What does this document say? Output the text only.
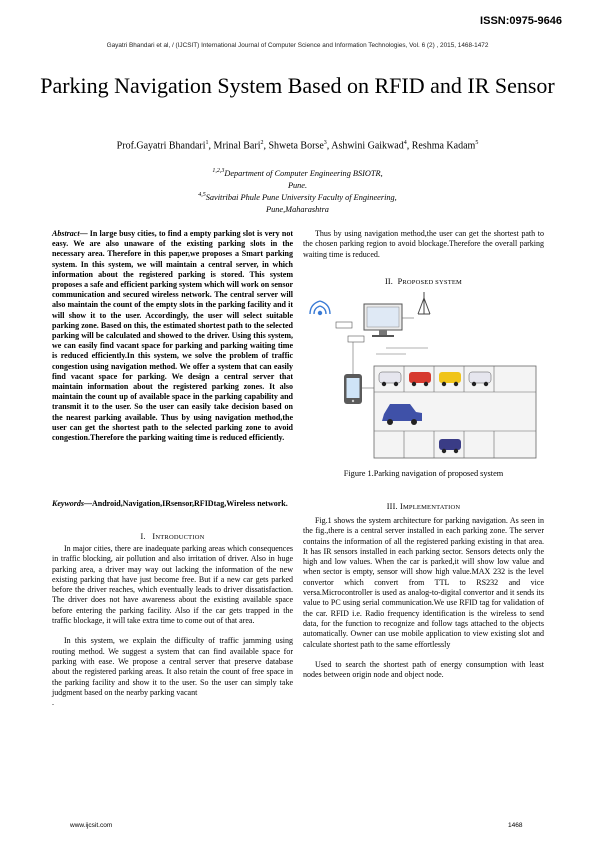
ISSN:0975-9646
Gayatri Bhandari et al, / (IJCSIT) International Journal of Computer Science and Information Technologies, Vol. 6 (2) , 2015, 1468-1472
Parking Navigation System Based on RFID and IR Sensor
Prof.Gayatri Bhandari$^1$, Mrinal Bari$^2$, Shweta Borse$^3$, Ashwini Gaikwad$^4$, Reshma Kadam$^5$
$^{1,2,3}$Department of Computer Engineering BSIOTR,
Pune.
$^{4,5}$Savitribai Phule Pune University Faculty of Engineering,
Pune,Maharashtra

Abstract— In large busy cities, to find a empty parking slot is very not easy. We are also unaware of the existing parking slots in the necessary area. Therefore in this paper,we proposes a Smart parking system. In this system, we will maintain a central server, in which information about the registered parking is stored. This system proposes a safe and efficient parking system which will work on sensor communication and secured wireless network. The central server will also maintain the count of the empty slots in the parking facility and it will show it to the user. Accordingly, the user will select suitable parking zone. Based on this, the estimated shortest path to the selected parking will be calculated and showed to the driver. Using this system, we can easily find vacant space for parking and parking waiting time is reduced efficiently.In this system, we solve the problem of traffic congestion using navigation method. We offer a system that can easily find vacant space for parking. We design a central server that maintain information about the registered parking zones. It also maintain the count up of available space in the parking capability and transmit it to the user. So the user can easily take decision based on the nearest parking available. Thus by using navigation method,the user can get the shortest path to the selected parking zone to avoid congestion.Therefore the parking waiting time is reduced efficiently.

Keywords—Android,Navigation,IRsensor,RFIDtag,Wireless network.

I. INTRODUCTION

In major cities, there are inadequate parking areas which consequences in traffic blocking, air pollution and also irritation of driver. Also in huge parking area, a driver may way out lacking the information of the new existing parking that have just become free. But if a new car gets parked before the driver reaches, which eventually leads to driver dissatisfaction. The driver does not have awareness about the existing available space before entering the parking facility. Also if the car gets trapped in the traffic blockage, it will take extra time to come out of that area.

In this system, we explain the difficulty of traffic jamming using routing method. We suggest a system that can find available space for parking with ease. We propose a central server that preserve database about the registered parking areas. It also retain the count of free space in the parking facility and show it to the user. So the user can simply take judgment based on the nearby parking vacant

.

Thus by using navigation method,the user can get the shortest path to the chosen parking region to avoid blockage.Therefore the overall parking waiting time is reduced.

II. PROPOSED SYSTEM
Figure 1.Parking navigation of proposed system
III. IMPLEMENTATION

Fig.1 shows the system architecture for parking navigation. As seen in the fig.,there is a central server installed in each parking zone. The server contains the information of all the registered parking existing in that area. It has IR sensors installed in each parking sector. Sensors detects only the high and low values. When the car is parked,it will show low value and when sector is empty, sensor will show high value.MAX 232 is the level convertor which convert from TTL to RS232 and vice versa.Microcontroller is used as analog-to-digital convertor and it sends its value to PC using serial communication.We use RFID tag for validation of the car. RFID i.e. Radio frequency identification is the wireless to send data, for the function to recognize and follow tags attached to the objects automatically. Owner can use mobile application to view existing slot and calculate shortest path to the same effortlessly

Used to search the shortest path of energy consumption with least nodes between origin node and object node.

www.ijcsit.com	1468
